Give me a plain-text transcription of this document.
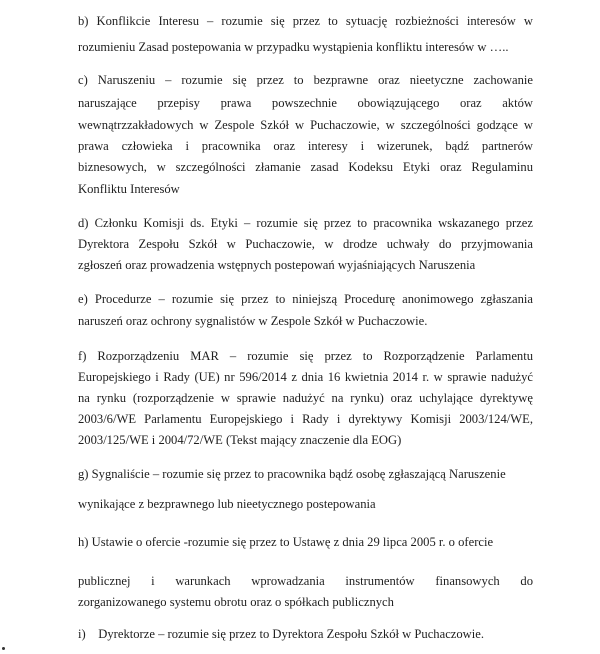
b) Konflikcie Interesu – rozumie się przez to sytuację rozbieżności interesów w
rozumieniu Zasad postepowania w przypadku wystąpienia konfliktu interesów w …..
c) Naruszeniu – rozumie się przez to bezprawne oraz nieetyczne zachowanie
naruszające przepisy prawa powszechnie obowiązującego oraz aktów
wewnątrzzakładowych w Zespole Szkół w Puchaczowie, w szczególności godzące w
prawa człowieka i pracownika oraz interesy i wizerunek, bądź partnerów
biznesowych, w szczególności złamanie zasad Kodeksu Etyki oraz Regulaminu
Konfliktu Interesów
d) Członku Komisji ds. Etyki – rozumie się przez to pracownika wskazanego przez
Dyrektora Zespołu Szkół w Puchaczowie, w drodze uchwały do przyjmowania
zgłoszeń oraz prowadzenia wstępnych postepowań wyjaśniających Naruszenia
e) Procedurze – rozumie się przez to niniejszą Procedurę anonimowego zgłaszania
naruszeń oraz ochrony sygnalistów w Zespole Szkół w Puchaczowie.
f) Rozporządzeniu MAR – rozumie się przez to Rozporządzenie Parlamentu
Europejskiego i Rady (UE) nr 596/2014 z dnia 16 kwietnia 2014 r. w sprawie nadużyć
na rynku (rozporządzenie w sprawie nadużyć na rynku) oraz uchylające dyrektywę
2003/6/WE Parlamentu Europejskiego i Rady i dyrektywy Komisji 2003/124/WE,
2003/125/WE i 2004/72/WE (Tekst mający znaczenie dla EOG)
g) Sygnaliście – rozumie się przez to pracownika bądź osobę zgłaszającą Naruszenie
wynikające z bezprawnego lub nieetycznego postepowania
h) Ustawie o ofercie -rozumie się przez to Ustawę z dnia 29 lipca 2005 r. o ofercie
publicznej i warunkach wprowadzania instrumentów finansowych do
zorganizowanego systemu obrotu oraz o spółkach publicznych
i)    Dyrektorze – rozumie się przez to Dyrektora Zespołu Szkół w Puchaczowie.
